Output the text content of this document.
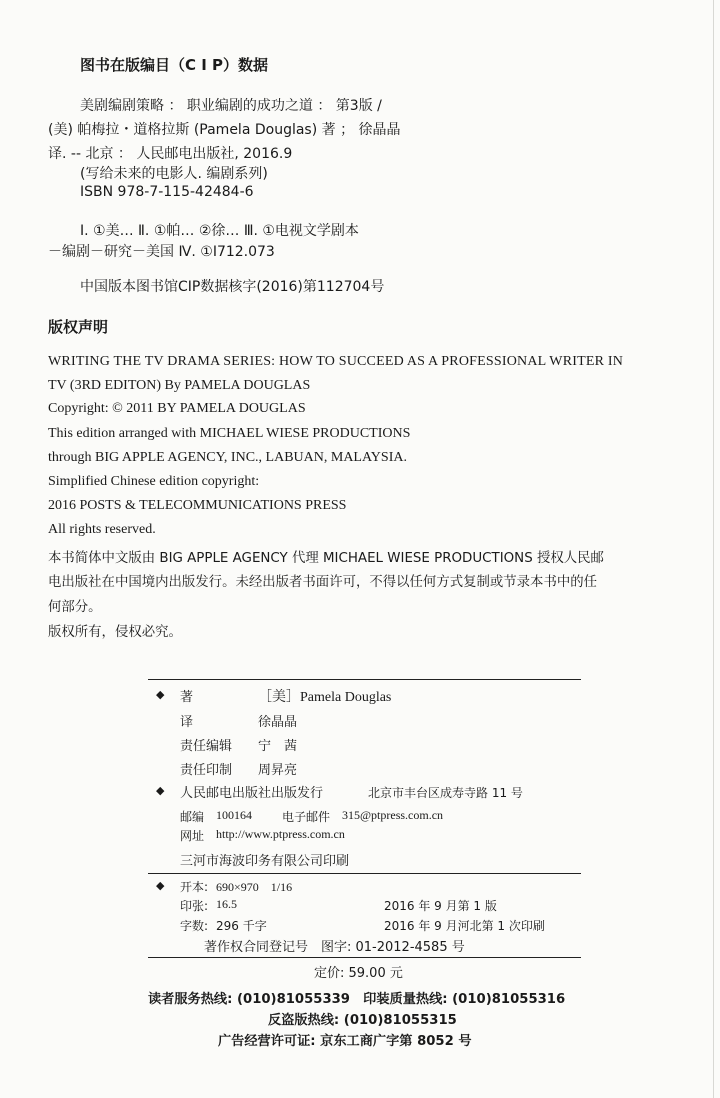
图书在版编目（C I P）数据
美剧编剧策略 ： 职业编剧的成功之道 ： 第3版 /
(美) 帕梅拉・道格拉斯 (Pamela Douglas) 著 ； 徐晶晶
译. -- 北京 ： 人民邮电出版社, 2016.9
(写给未来的电影人. 编剧系列)
ISBN 978-7-115-42484-6
Ⅰ. ①美… Ⅱ. ①帕… ②徐… Ⅲ. ①电视文学剧本
－编剧－研究－美国 Ⅳ. ①I712.073
中国版本图书馆CIP数据核字(2016)第112704号
版权声明
WRITING THE TV DRAMA SERIES: HOW TO SUCCEED AS A PROFESSIONAL WRITER IN
TV (3RD EDITON) By PAMELA DOUGLAS
Copyright: © 2011 BY PAMELA DOUGLAS
This edition arranged with MICHAEL WIESE PRODUCTIONS
through BIG APPLE AGENCY, INC., LABUAN, MALAYSIA.
Simplified Chinese edition copyright:
2016 POSTS & TELECOMMUNICATIONS PRESS
All rights reserved.
本书简体中文版由 BIG APPLE AGENCY 代理 MICHAEL WIESE PRODUCTIONS 授权人民邮
电出版社在中国境内出版发行。未经出版者书面许可，不得以任何方式复制或节录本书中的任
何部分。
版权所有，侵权必究。
◆ 著	［美］Pamela Douglas
译	徐晶晶
责任编辑 宁　茜
责任印制 周昇亮
◆ 人民邮电出版社出版发行	北京市丰台区成寿寺路 11 号
邮编 100164	电子邮件 315@ptpress.com.cn
网址 http://www.ptpress.com.cn
三河市海波印务有限公司印刷
◆ 开本: 690×970　1/16
印张: 16.5	2016 年 9 月第 1 版
字数: 296 千字	2016 年 9 月河北第 1 次印刷
著作权合同登记号　图字: 01-2012-4585 号
定价: 59.00 元
读者服务热线: (010)81055339　印装质量热线: (010)81055316
反盗版热线: (010)81055315
广告经营许可证: 京东工商广字第 8052 号
